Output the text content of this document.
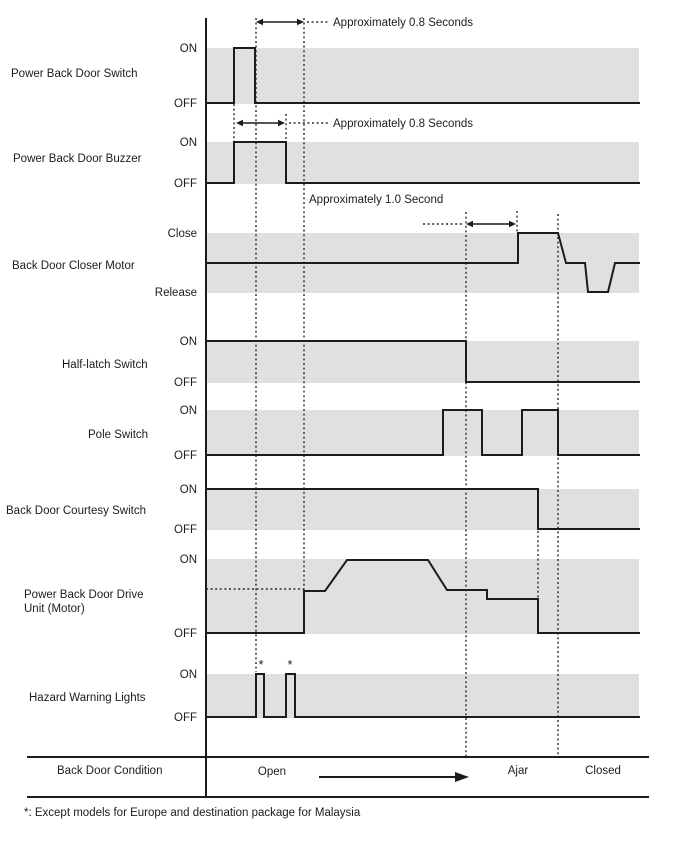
* *
Power Back Door Switch
ON
OFF
Power Back Door Buzzer
ON
OFF
Back Door Closer Motor
Close
Release
Half-latch Switch
ON
OFF
Pole Switch
ON
OFF
Back Door Courtesy Switch
ON
OFF
Power Back Door Drive
Unit (Motor)
ON
OFF
Hazard Warning Lights
ON
OFF
Approximately 0.8 Seconds
Approximately 0.8 Seconds
Approximately 1.0 Second
Back Door Condition	Open	Ajar	Closed
*: Except models for Europe and destination package for Malaysia
